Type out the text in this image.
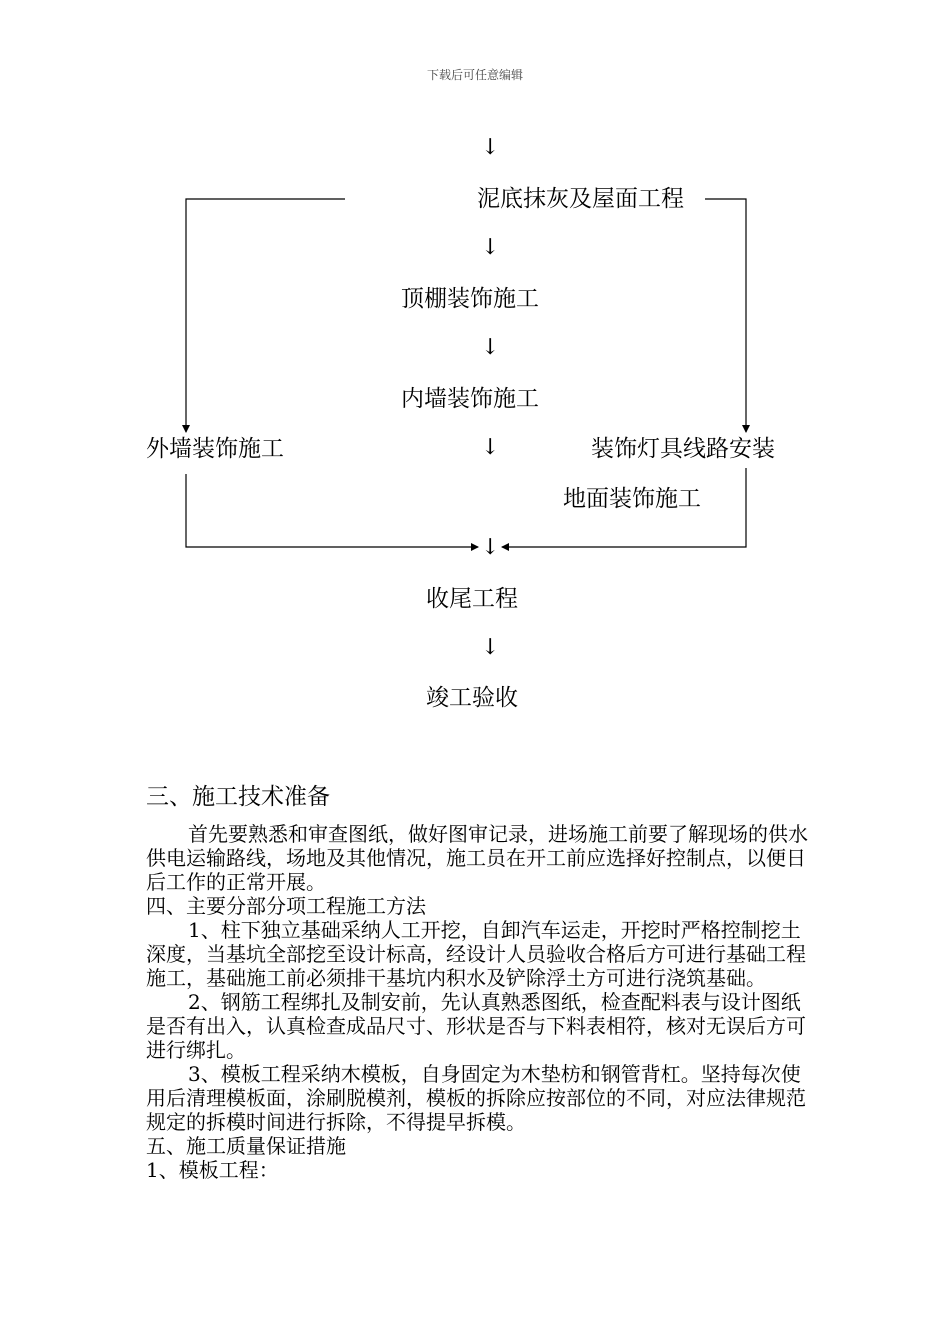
下载后可任意编辑
↓
泥底抹灰及屋面工程
↓
顶棚装饰施工
↓
内墙装饰施工
外墙装饰施工	↓	装饰灯具线路安装
地面装饰施工
↓
收尾工程
↓
竣工验收
三、施工技术准备

首先要熟悉和审查图纸，做好图审记录，进场施工前要了解现场的供水供电运输路线，场地及其他情况，施工员在开工前应选择好控制点，以便日后工作的正常开展。

四、主要分部分项工程施工方法

1、柱下独立基础采纳人工开挖，自卸汽车运走，开挖时严格控制挖土深度，当基坑全部挖至设计标高，经设计人员验收合格后方可进行基础工程施工，基础施工前必须排干基坑内积水及铲除浮土方可进行浇筑基础。

2、钢筋工程绑扎及制安前，先认真熟悉图纸，检查配料表与设计图纸是否有出入，认真检查成品尺寸、形状是否与下料表相符，核对无误后方可进行绑扎。

3、模板工程采纳木模板，自身固定为木垫枋和钢管背杠。坚持每次使用后清理模板面，涂刷脱模剂，模板的拆除应按部位的不同，对应法律规范规定的拆模时间进行拆除，不得提早拆模。

五、施工质量保证措施

1、模板工程：
